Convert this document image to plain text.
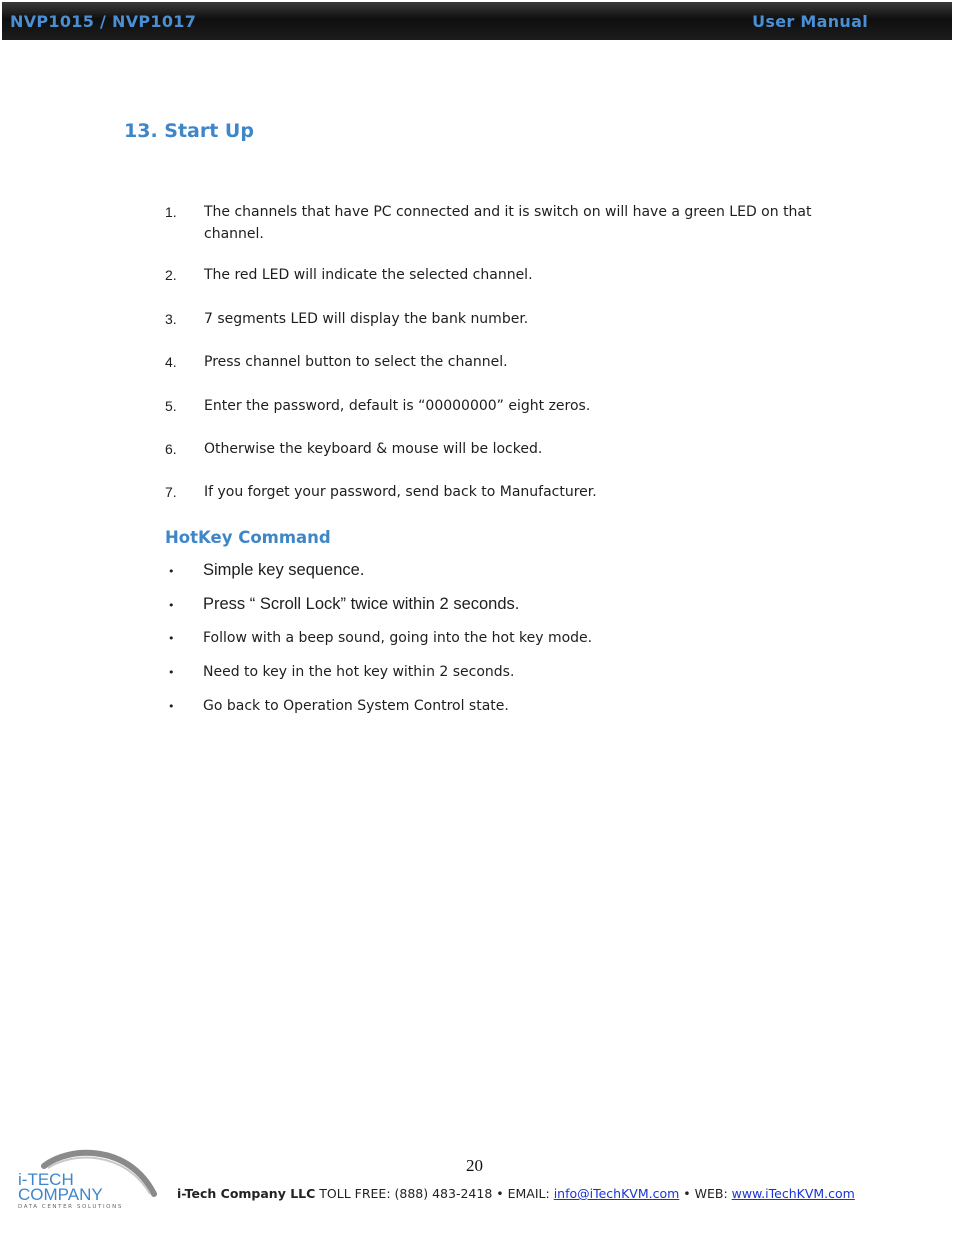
NVP1015 / NVP1017	User Manual
13. Start Up
1. The channels that have PC connected and it is switch on will have a green LED on that channel.
2. The red LED will indicate the selected channel.
3. 7 segments LED will display the bank number.
4. Press channel button to select the channel.
5. Enter the password, default is “00000000” eight zeros.
6. Otherwise the keyboard & mouse will be locked.
7. If you forget your password, send back to Manufacturer.
HotKey Command
• Simple key sequence.
• Press “ Scroll Lock” twice within 2 seconds.
• Follow with a beep sound, going into the hot key mode.
• Need to key in the hot key within 2 seconds.
• Go back to Operation System Control state.
20
i-TECH
COMPANY
DATA CENTER SOLUTIONS
i-Tech Company LLC TOLL FREE: (888) 483-2418 • EMAIL: info@iTechKVM.com • WEB: www.iTechKVM.com
